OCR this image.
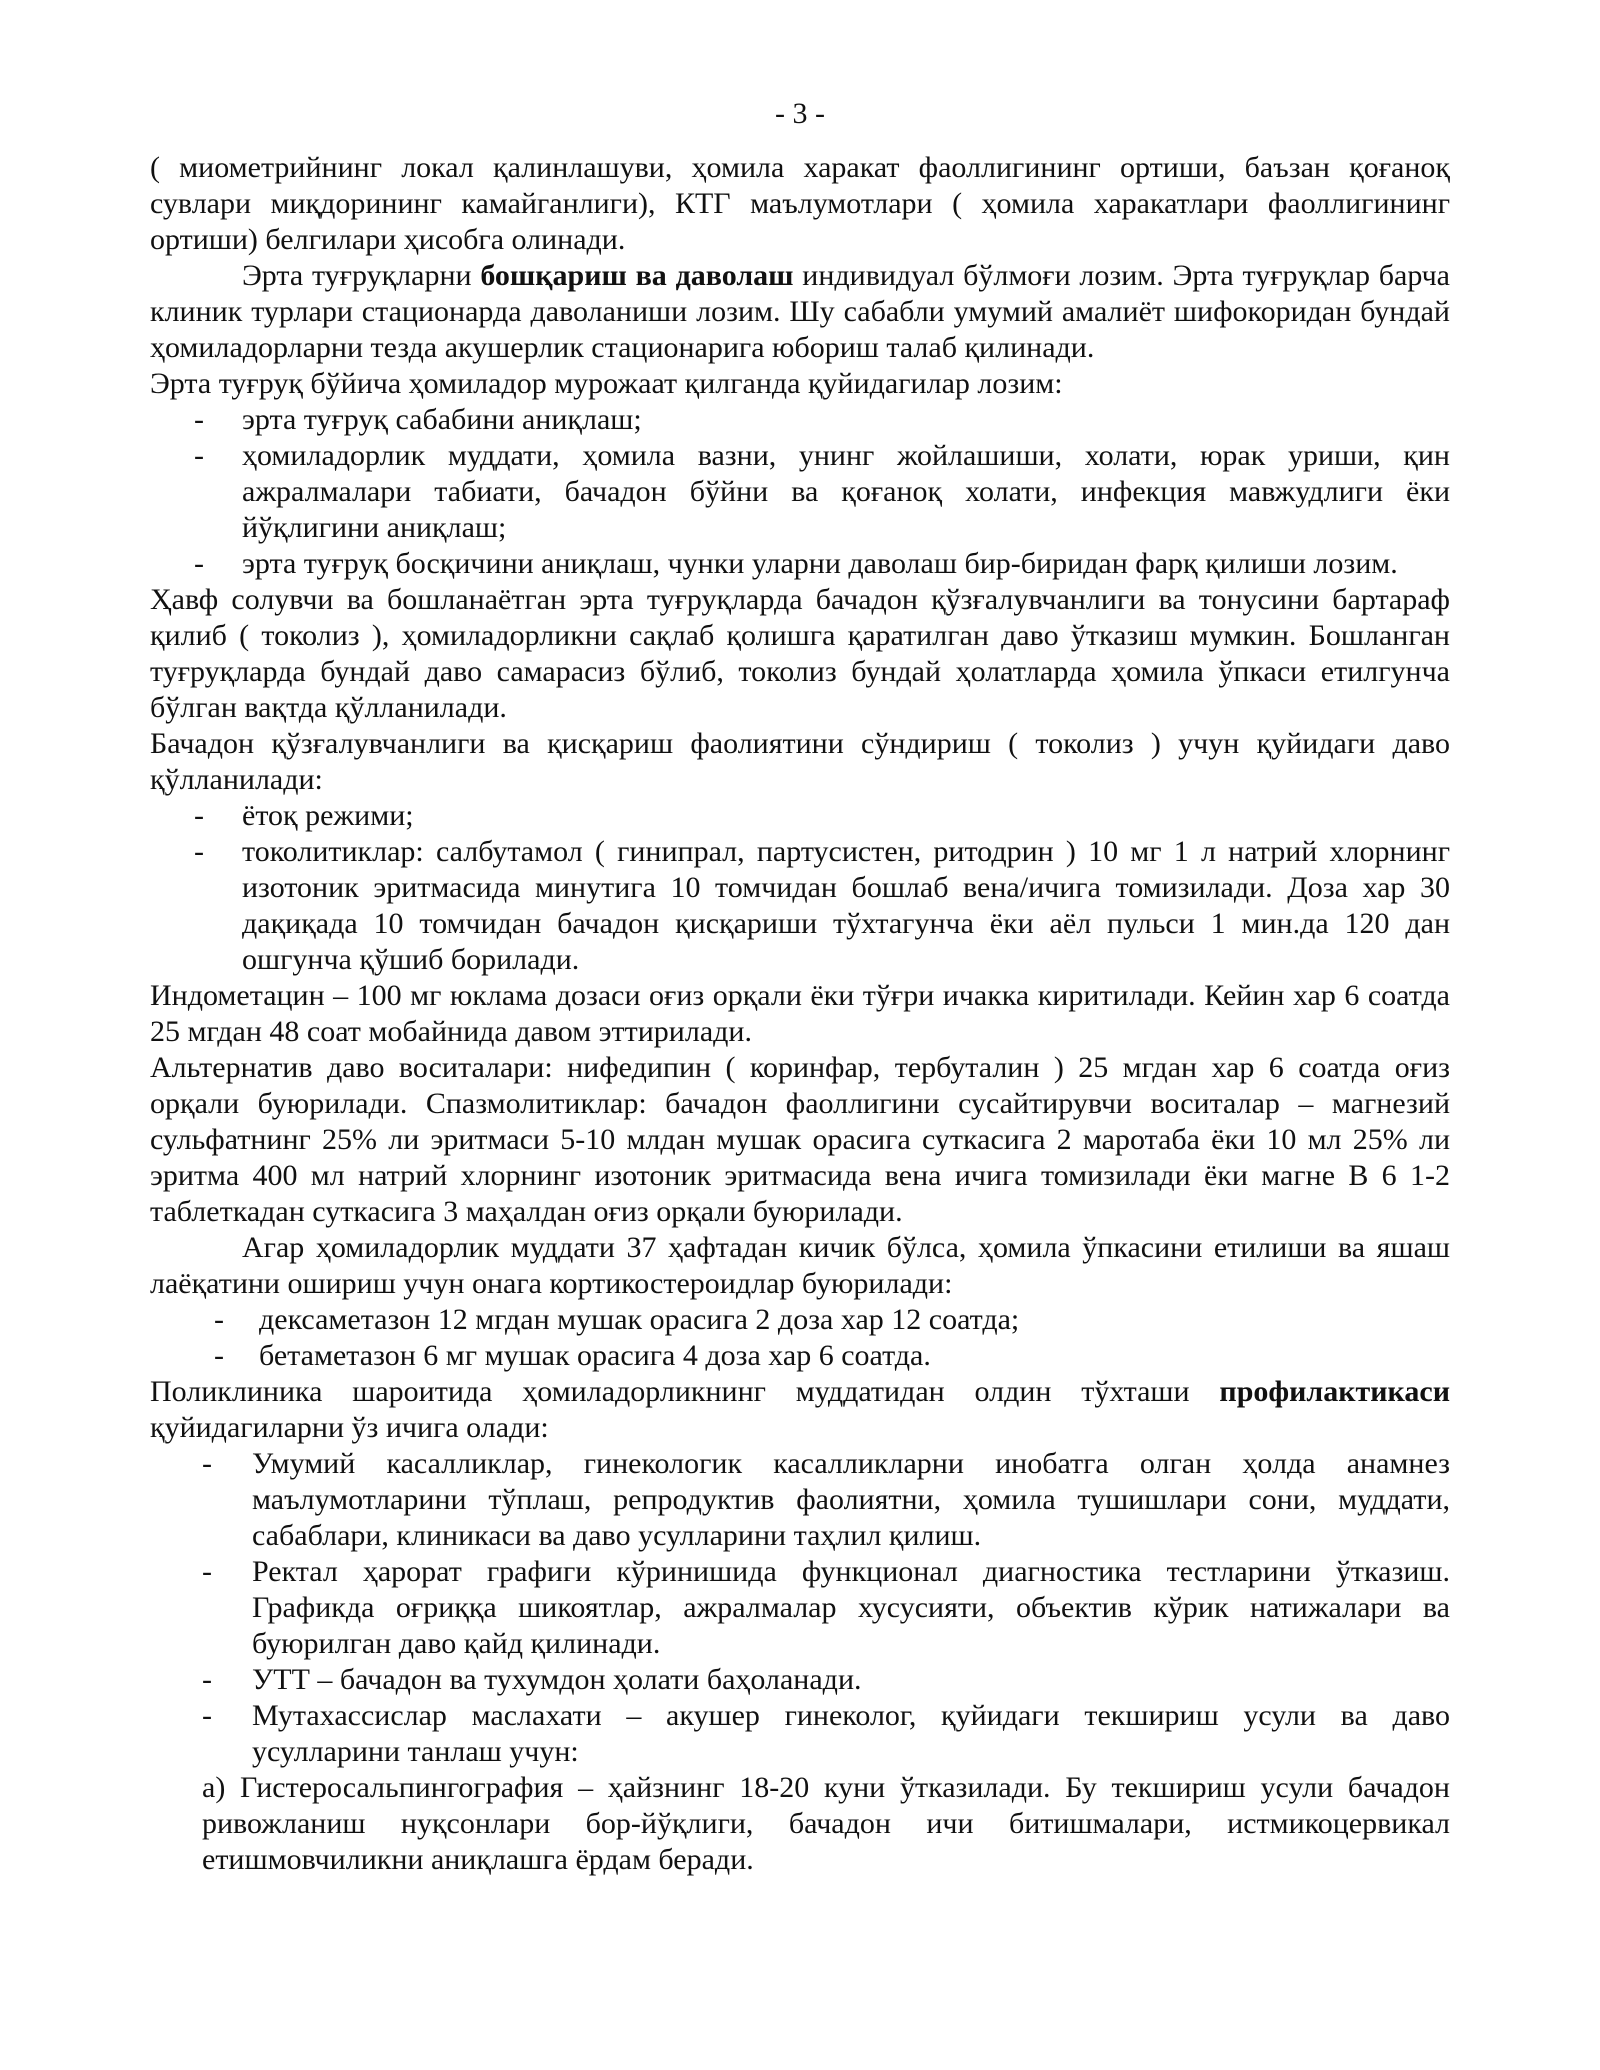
- 3 -

( миометрийнинг локал қалинлашуви, ҳомила харакат фаоллигининг ортиши, баъзан қоғаноқ сувлари миқдорининг камайганлиги), КТГ маълумотлари ( ҳомила харакатлари фаоллигининг ортиши) белгилари ҳисобга олинади.

Эрта туғруқларни бошқариш ва даволаш индивидуал бўлмоғи лозим. Эрта туғруқлар барча клиник турлари стационарда даволаниши лозим. Шу сабабли умумий амалиёт шифокоридан бундай ҳомиладорларни тезда акушерлик стационарига юбориш талаб қилинади.

Эрта туғруқ бўйича ҳомиладор мурожаат қилганда қуйидагилар лозим:

- эрта туғруқ сабабини аниқлаш;

- ҳомиладорлик муддати, ҳомила вазни, унинг жойлашиши, холати, юрак уриши, қин ажралмалари табиати, бачадон бўйни ва қоғаноқ холати, инфекция мавжудлиги ёки йўқлигини аниқлаш;

- эрта туғруқ босқичини аниқлаш, чунки уларни даволаш бир-биридан фарқ қилиши лозим.

Ҳавф солувчи ва бошланаётган эрта туғруқларда бачадон қўзғалувчанлиги ва тонусини бартараф қилиб ( токолиз ), ҳомиладорликни сақлаб қолишга қаратилган даво ўтказиш мумкин. Бошланган туғруқларда бундай даво самарасиз бўлиб, токолиз бундай ҳолатларда ҳомила ўпкаси етилгунча бўлган вақтда қўлланилади.

Бачадон қўзғалувчанлиги ва қисқариш фаолиятини сўндириш ( токолиз ) учун қуйидаги даво қўлланилади:

- ётоқ режими;

- токолитиклар: салбутамол ( гинипрал, партусистен, ритодрин ) 10 мг 1 л натрий хлорнинг изотоник эритмасида минутига 10 томчидан бошлаб вена/ичига томизилади. Доза хар 30 дақиқада 10 томчидан бачадон қисқариши тўхтагунча ёки аёл пульси 1 мин.да 120 дан ошгунча қўшиб борилади.

Индометацин – 100 мг юклама дозаси оғиз орқали ёки тўғри ичакка киритилади. Кейин хар 6 соатда 25 мгдан 48 соат мобайнида давом эттирилади.

Альтернатив даво воситалари: нифедипин ( коринфар, тербуталин ) 25 мгдан хар 6 соатда оғиз орқали буюрилади. Спазмолитиклар: бачадон фаоллигини сусайтирувчи воситалар – магнезий сульфатнинг 25% ли эритмаси 5-10 млдан мушак орасига суткасига 2 маротаба ёки 10 мл 25% ли эритма 400 мл натрий хлорнинг изотоник эритмасида вена ичига томизилади ёки магне В 6 1-2 таблеткадан суткасига 3 маҳалдан оғиз орқали буюрилади.

Агар ҳомиладорлик муддати 37 ҳафтадан кичик бўлса, ҳомила ўпкасини етилиши ва яшаш лаёқатини ошириш учун онага кортикостероидлар буюрилади:

- дексаметазон 12 мгдан мушак орасига 2 доза хар 12 соатда;

- бетаметазон 6 мг мушак орасига 4 доза хар 6 соатда.

Поликлиника шароитида ҳомиладорликнинг муддатидан олдин тўхташи профилактикаси қуйидагиларни ўз ичига олади:

- Умумий касалликлар, гинекологик касалликларни инобатга олган ҳолда анамнез маълумотларини тўплаш, репродуктив фаолиятни, ҳомила тушишлари сони, муддати, сабаблари, клиникаси ва даво усулларини таҳлил қилиш.

- Ректал ҳарорат графиги кўринишида функционал диагностика тестларини ўтказиш. Графикда оғриққа шикоятлар, ажралмалар хусусияти, объектив кўрик натижалари ва буюрилган даво қайд қилинади.

- УТТ – бачадон ва тухумдон ҳолати баҳоланади.

- Мутахассислар маслахати – акушер гинеколог, қуйидаги текшириш усули ва даво усулларини танлаш учун:

а) Гистеросальпингография – ҳайзнинг 18-20 куни ўтказилади. Бу текшириш усули бачадон ривожланиш нуқсонлари бор-йўқлиги, бачадон ичи битишмалари, истмикоцервикал етишмовчиликни аниқлашга ёрдам беради.
